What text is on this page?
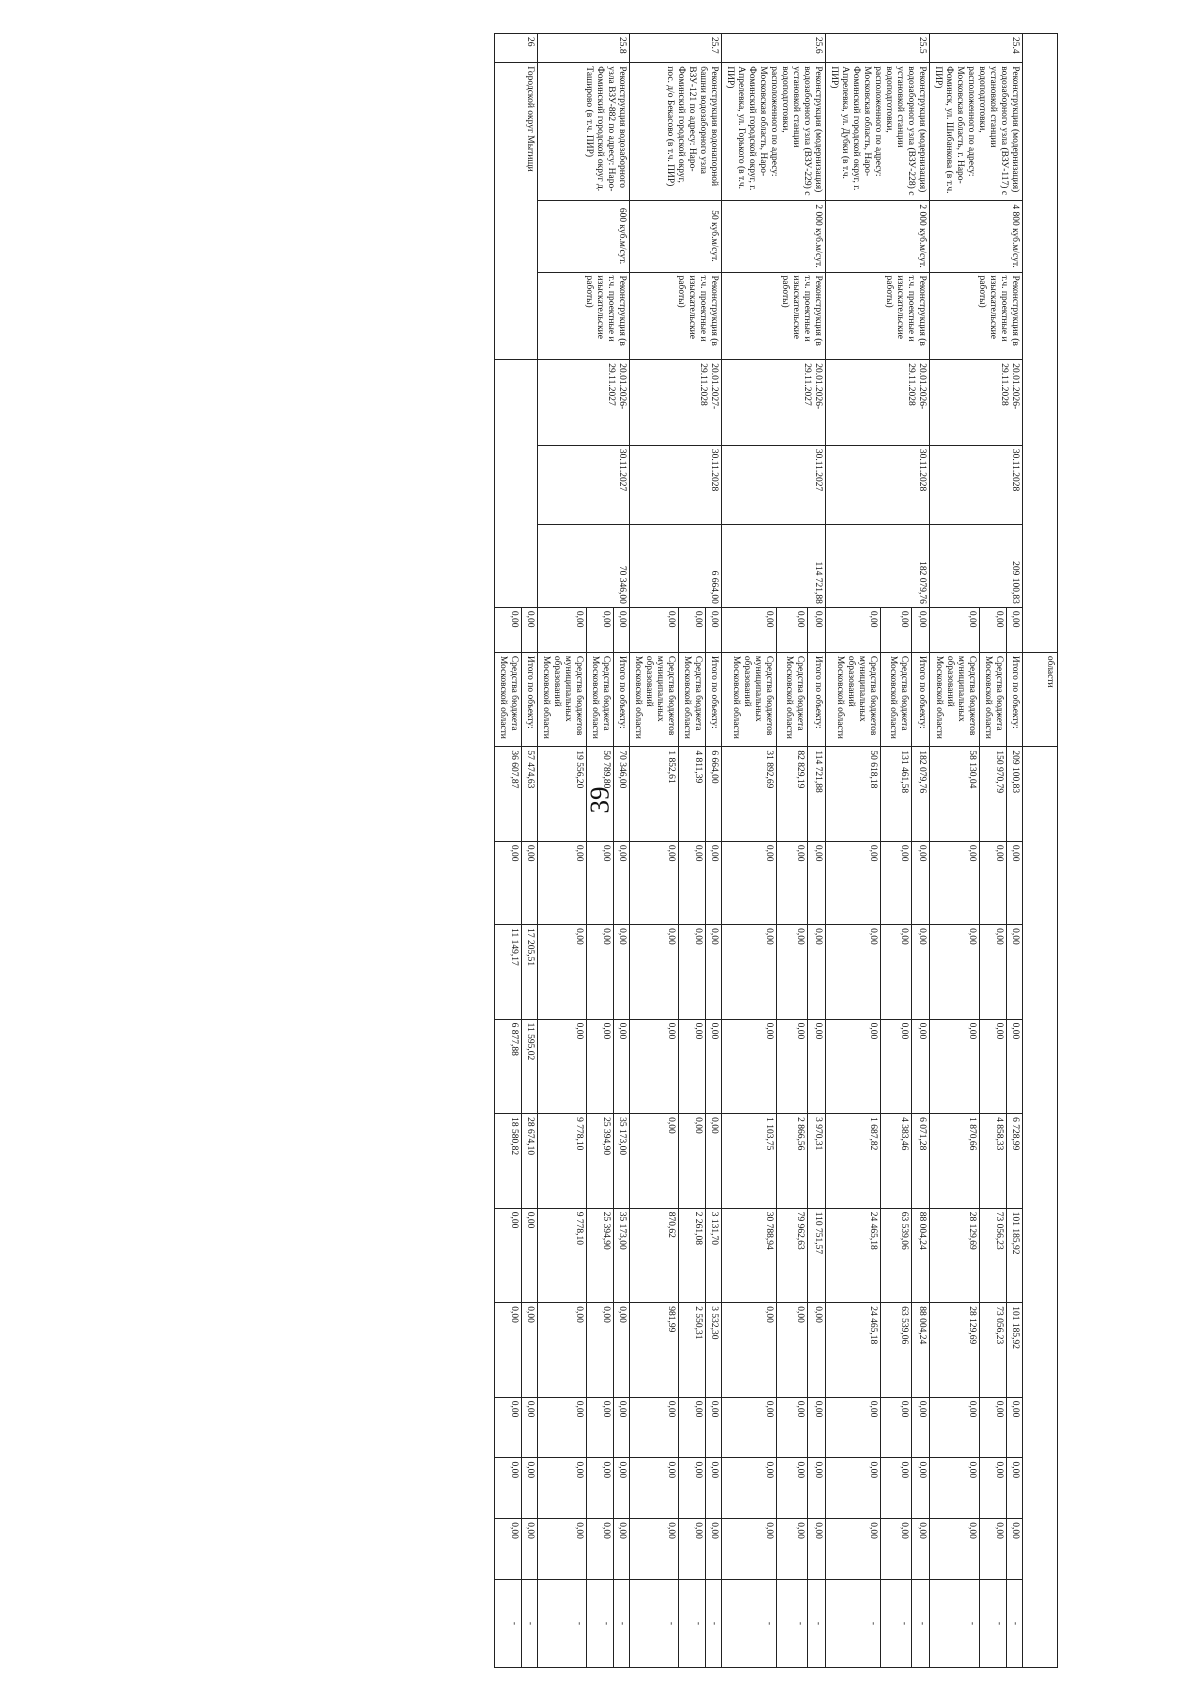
39
								области											
25.4	Реконструкция (модернизация) водозаборного узла (ВЗУ-117) с установкой станции водоподготовки, расположенного по адресу: Московская область, г. Наро-Фоминск, ул. Шибанкова (в т.ч. ПИР)	4 800 куб.м/сут.	Реконструкция (в т.ч. проектные и изыскательские работы)	20.01.2026-29.11.2028	30.11.2028	209 100,83	0,00	Итого по объекту:	209 100,83	0,00	0,00	0,00	6 728,99	101 185,92	101 185,92	0,00	0,00	0,00	-
							0,00	Средства бюджета Московской области	150 970,79	0,00	0,00	0,00	4 858,33	73 056,23	73 056,23	0,00	0,00	0,00	-
							0,00	Средства бюджетов муниципальных образований Московской области	58 130,04	0,00	0,00	0,00	1 870,66	28 129,69	28 129,69	0,00	0,00	0,00	-
25.5	Реконструкция (модернизация) водозаборного узла (ВЗУ-228) с установкой станции водоподготовки, расположенного по адресу: Московская область, Наро-Фоминский городской округ, г. Апрелевка, ул. Дубки (в т.ч. ПИР)	2 000 куб.м/сут.	Реконструкция (в т.ч. проектные и изыскательские работы)	20.01.2026-29.11.2028	30.11.2028	182 079,76	0,00	Итого по объекту:	182 079,76	0,00	0,00	0,00	6 071,28	88 004,24	88 004,24	0,00	0,00	0,00	-
							0,00	Средства бюджета Московской области	131 461,58	0,00	0,00	0,00	4 383,46	63 539,06	63 539,06	0,00	0,00	0,00	-
							0,00	Средства бюджетов муниципальных образований Московской области	50 618,18	0,00	0,00	0,00	1 687,82	24 465,18	24 465,18	0,00	0,00	0,00	-
25.6	Реконструкция (модернизация) водозаборного узла (ВЗУ-229) с установкой станции водоподготовки, расположенного по адресу: Московская область, Наро-Фоминский городской округ, г. Апрелевка, ул. Горького (в т.ч. ПИР)	2 000 куб.м/сут.	Реконструкция (в т.ч. проектные и изыскательские работы)	20.01.2026-29.11.2027	30.11.2027	114 721,88	0,00	Итого по объекту:	114 721,88	0,00	0,00	0,00	3 970,31	110 751,57	0,00	0,00	0,00	0,00	-
							0,00	Средства бюджета Московской области	82 829,19	0,00	0,00	0,00	2 866,56	79 962,63	0,00	0,00	0,00	0,00	-
							0,00	Средства бюджетов муниципальных образований Московской области	31 892,69	0,00	0,00	0,00	1 103,75	30 788,94	0,00	0,00	0,00	0,00	-
25.7	Реконструкция водонапорной башни водозаборного узла ВЗУ-121 по адресу: Наро-Фоминский городской округ, пос. д/о Бекасово (в т.ч. ПИР)	50 куб.м/сут.	Реконструкция (в т.ч. проектные и изыскательские работы)	20.01.2027-29.11.2028	30.11.2028	6 664,00	0,00	Итого по объекту:	6 664,00	0,00	0,00	0,00	0,00	3 131,70	3 532,30	0,00	0,00	0,00	-
							0,00	Средства бюджета Московской области	4 811,39	0,00	0,00	0,00	0,00	2 261,08	2 550,31	0,00	0,00	0,00	-
							0,00	Средства бюджетов муниципальных образований Московской области	1 852,61	0,00	0,00	0,00	0,00	870,62	981,99	0,00	0,00	0,00	-
25.8	Реконструкция водозаборного узла ВЗУ-882 по адресу: Наро-Фоминский городской округ д. Ташировo (в т.ч. ПИР)	600 куб.м/сут.	Реконструкция (в т.ч. проектные и изыскательские работы)	20.01.2026-29.11.2027	30.11.2027	70 346,00	0,00	Итого по объекту:	70 346,00	0,00	0,00	0,00	35 173,00	35 173,00	0,00	0,00	0,00	0,00	-
							0,00	Средства бюджета Московской области	50 789,80	0,00	0,00	0,00	25 394,90	25 394,90	0,00	0,00	0,00	0,00	-
							0,00	Средства бюджетов муниципальных образований Московской области	19 556,20	0,00	0,00	0,00	9 778,10	9 778,10	0,00	0,00	0,00	0,00	-
26	Городской округ Мытищи						0,00	Итого по объекту:	57 474,63	0,00	17 205,51	11 595,02	28 674,10	0,00	0,00	0,00	0,00	0,00	-
							0,00	Средства бюджета Московской области	36 607,87	0,00	11 149,17	6 877,88	18 580,82	0,00	0,00	0,00	0,00	0,00	-
